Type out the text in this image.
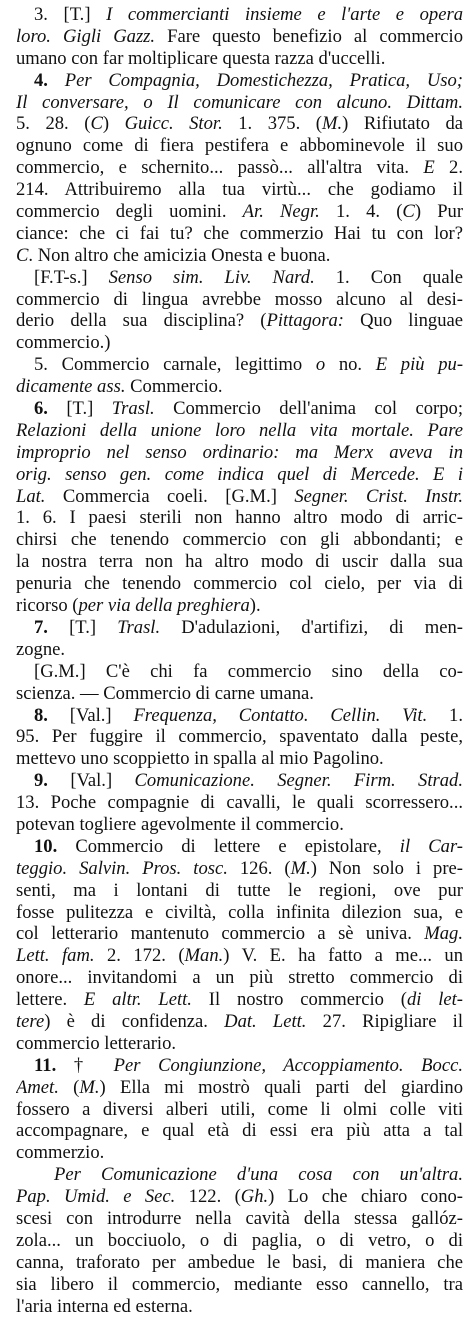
3. [T.] I commercianti insieme e l'arte e opera
loro. Gigli Gazz. Fare questo benefizio al commercio
umano con far moltiplicare questa razza d'uccelli.
4. Per Compagnia, Domestichezza, Pratica, Uso;
Il conversare, o Il comunicare con alcuno. Dittam.
5. 28. (C) Guicc. Stor. 1. 375. (M.) Rifiutato da
ognuno come di fiera pestifera e abbominevole il suo
commercio, e schernito... passò... all'altra vita. E 2.
214. Attribuiremo alla tua virtù... che godiamo il
commercio degli uomini. Ar. Negr. 1. 4. (C) Pur
ciance: che ci fai tu? che commerzio Hai tu con lor?
C. Non altro che amicizia Onesta e buona.
[F.T-s.] Senso sim. Liv. Nard. 1. Con quale
commercio di lingua avrebbe mosso alcuno al desi-
derio della sua disciplina? (Pittagora: Quo linguae
commercio.)
5. Commercio carnale, legittimo o no. E più pu-
dicamente ass. Commercio.
6. [T.] Trasl. Commercio dell'anima col corpo;
Relazioni della unione loro nella vita mortale. Pare
improprio nel senso ordinario: ma Merx aveva in
orig. senso gen. come indica quel di Mercede. E i
Lat. Commercia coeli. [G.M.] Segner. Crist. Instr.
1. 6. I paesi sterili non hanno altro modo di arric-
chirsi che tenendo commercio con gli abbondanti; e
la nostra terra non ha altro modo di uscir dalla sua
penuria che tenendo commercio col cielo, per via di
ricorso (per via della preghiera).
7. [T.] Trasl. D'adulazioni, d'artifizi, di men-
zogne.
[G.M.] C'è chi fa commercio sino della co-
scienza. — Commercio di carne umana.
8. [Val.] Frequenza, Contatto. Cellin. Vit. 1.
95. Per fuggire il commercio, spaventato dalla peste,
mettevo uno scoppietto in spalla al mio Pagolino.
9. [Val.] Comunicazione. Segner. Firm. Strad.
13. Poche compagnie di cavalli, le quali scorressero...
potevan togliere agevolmente il commercio.
10. Commercio di lettere e epistolare, il Car-
teggio. Salvin. Pros. tosc. 126. (M.) Non solo i pre-
senti, ma i lontani di tutte le regioni, ove pur
fosse pulitezza e civiltà, colla infinita dilezion sua, e
col letterario mantenuto commercio a sè univa. Mag.
Lett. fam. 2. 172. (Man.) V. E. ha fatto a me... un
onore... invitandomi a un più stretto commercio di
lettere. E altr. Lett. Il nostro commercio (di let-
tere) è di confidenza. Dat. Lett. 27. Ripigliare il
commercio letterario.
11. † Per Congiunzione, Accoppiamento. Bocc.
Amet. (M.) Ella mi mostrò quali parti del giardino
fossero a diversi alberi utili, come li olmi colle viti
accompagnare, e qual età di essi era più atta a tal
commerzio.
Per Comunicazione d'una cosa con un'altra.
Pap. Umid. e Sec. 122. (Gh.) Lo che chiaro cono-
scesi con introdurre nella cavità della stessa gallóz-
zola... un bocciuolo, o di paglia, o di vetro, o di
canna, traforato per ambedue le basi, di maniera che
sia libero il commercio, mediante esso cannello, tra
l'aria interna ed esterna.
